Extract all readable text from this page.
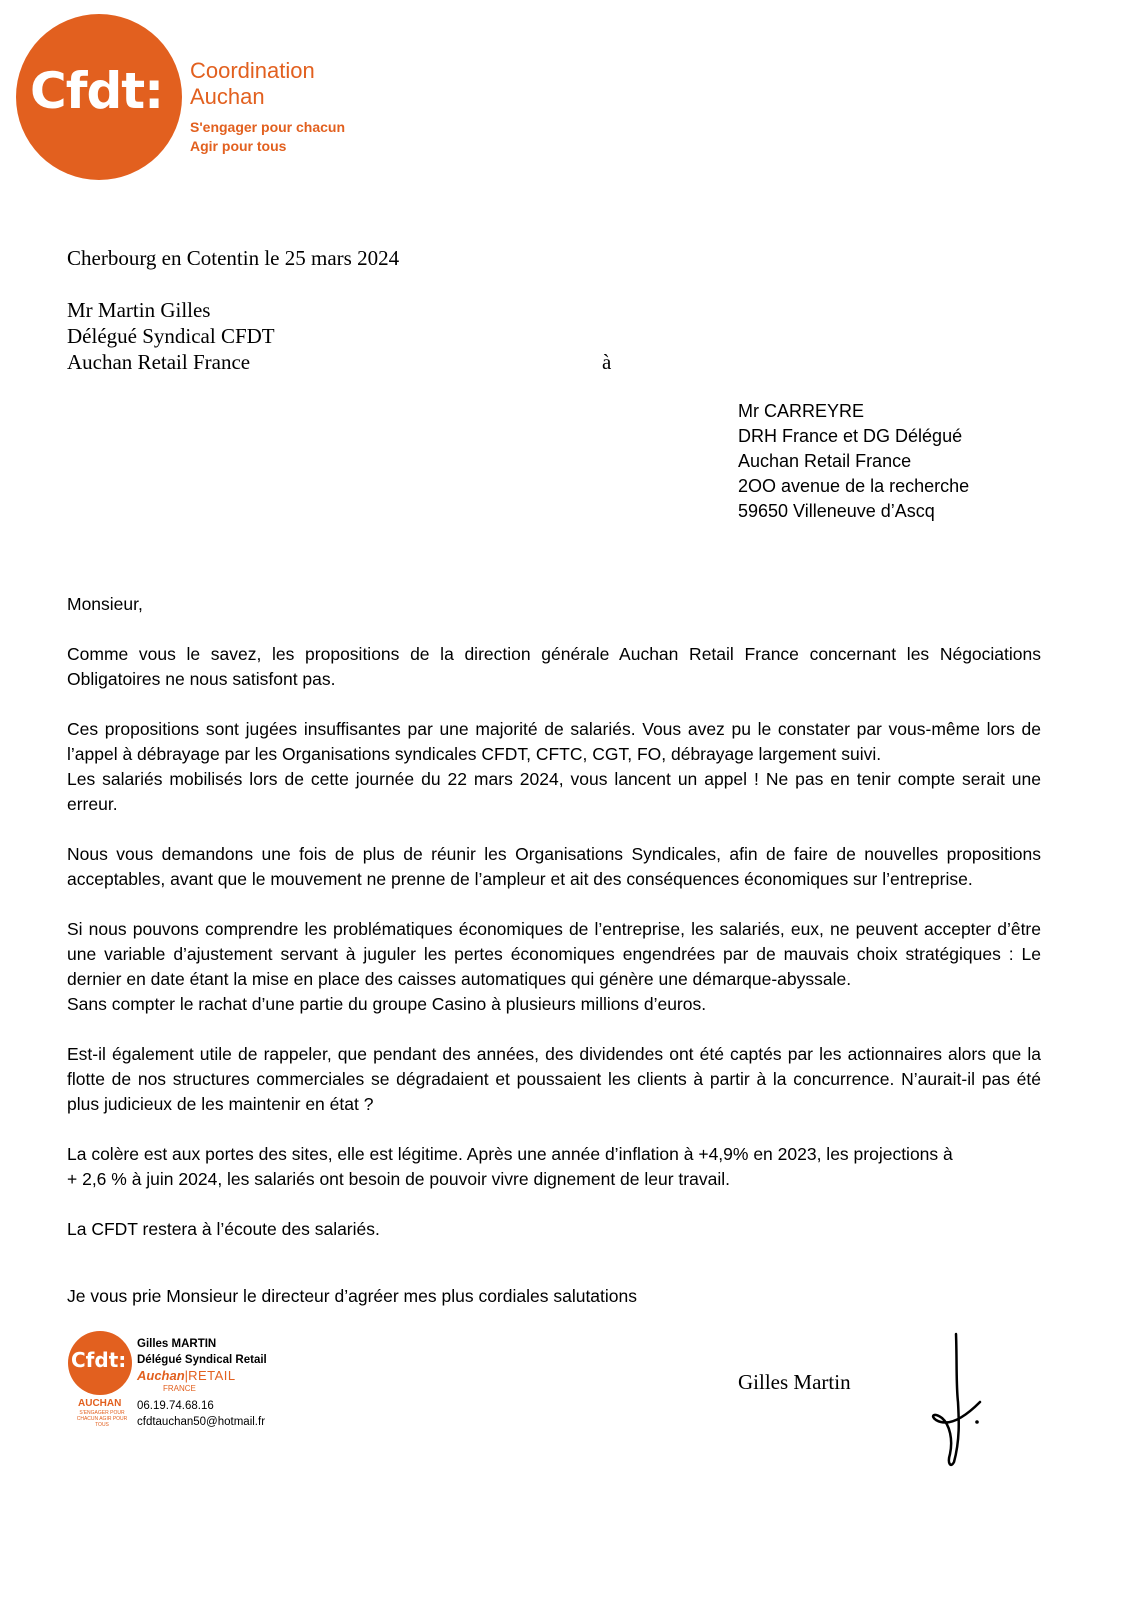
Cfdt: Coordination
Auchan
S'engager pour chacun
Agir pour tous
Cherbourg en Cotentin le 25 mars 2024
Mr Martin Gilles
Délégué Syndical CFDT
Auchan Retail France	à
Mr CARREYRE
DRH France et DG Délégué
Auchan Retail France
2OO avenue de la recherche
59650 Villeneuve d’Ascq

Monsieur,

Comme vous le savez, les propositions de la direction générale Auchan Retail France concernant les Négociations Obligatoires ne nous satisfont pas.

Ces propositions sont jugées insuffisantes par une majorité de salariés. Vous avez pu le constater par vous-même lors de l’appel à débrayage par les Organisations syndicales CFDT, CFTC, CGT, FO, débrayage largement suivi.

Les salariés mobilisés lors de cette journée du 22 mars 2024, vous lancent un appel ! Ne pas en tenir compte serait une erreur.

Nous vous demandons une fois de plus de réunir les Organisations Syndicales, afin de faire de nouvelles propositions acceptables, avant que le mouvement ne prenne de l’ampleur et ait des conséquences économiques sur l’entreprise.

Si nous pouvons comprendre les problématiques économiques de l’entreprise, les salariés, eux, ne peuvent accepter d’être une variable d’ajustement servant à juguler les pertes économiques engendrées par de mauvais choix stratégiques : Le dernier en date étant la mise en place des caisses automatiques qui génère une démarque-abyssale.

Sans compter le rachat d’une partie du groupe Casino à plusieurs millions d’euros.

Est-il également utile de rappeler, que pendant des années, des dividendes ont été captés par les actionnaires alors que la flotte de nos structures commerciales se dégradaient et poussaient les clients à partir à la concurrence. N’aurait-il pas été plus judicieux de les maintenir en état ?

La colère est aux portes des sites, elle est légitime. Après une année d’inflation à +4,9% en 2023, les projections à

+ 2,6 % à juin 2024, les salariés ont besoin de pouvoir vivre dignement de leur travail.

La CFDT restera à l’écoute des salariés.

Je vous prie Monsieur le directeur d’agréer mes plus cordiales salutations

Cfdt:
AUCHAN
S'ENGAGER POUR CHACUN AGIR POUR TOUS
Gilles MARTIN
Délégué Syndical Retail
Auchan|RETAIL
FRANCE
06.19.74.68.16
cfdtauchan50@hotmail.fr
Gilles Martin
